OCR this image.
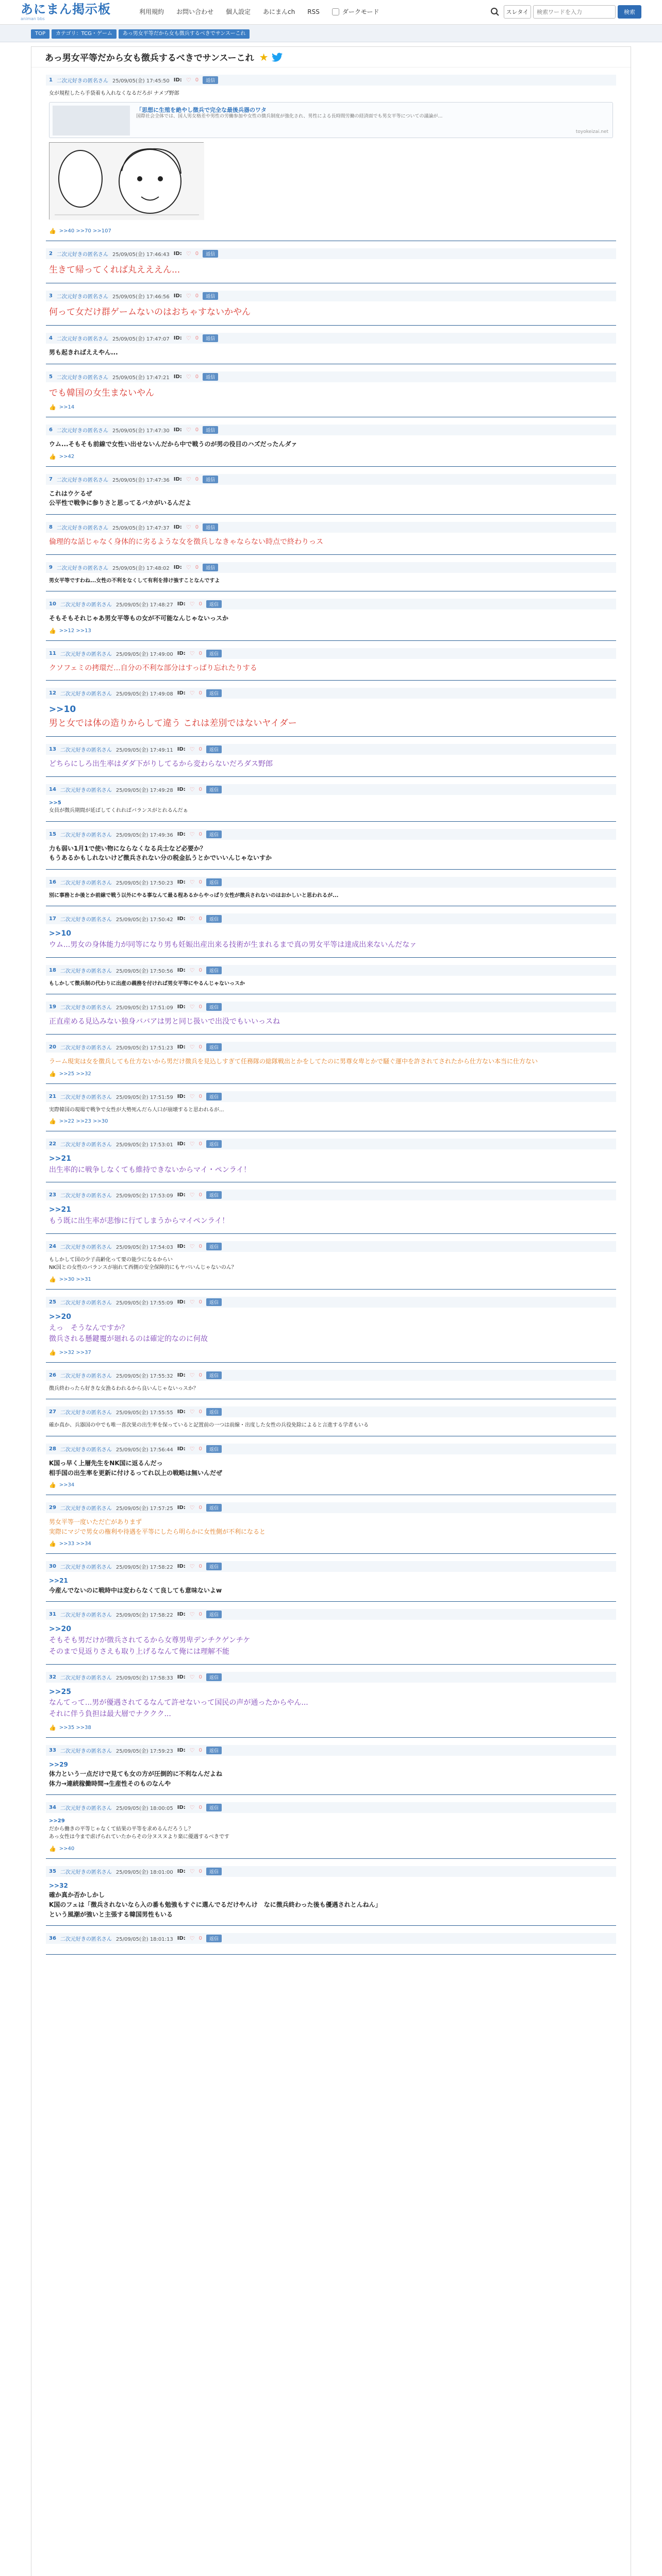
あにまん掲示板
animan bbs
利用規約 お問い合わせ 個人設定 あにまんch RSS	ダークモード	スレタイ
検索ワードを入力	検索
TOP	カテゴリ：TCG・ゲーム	あっ男女平等だから女も徴兵するべきでサンスーこれ
あっ男女平等だから女も徴兵するべきでサンスーこれ ★
1 二次元好きの匿名さん 25/09/05(金) 17:45:50 ID: ♡ 0	返信
女が規程したら手袋着も入れなくなるだろが ナメプ野郎
「思想に生殖を絶やし徴兵で完全な最後兵器のワタ
国際社会全体では、国人男女格差や男性の労働参加や女性の徴兵制度が強化され、男性による長時間労働の経済面でも男女平等についての議論が…
toyokeizai.net
👍 >>40 >>70 >>107
2 二次元好きの匿名さん 25/09/05(金) 17:46:43 ID: ♡ 0	返信
生きて帰ってくれば丸えええん...
3 二次元好きの匿名さん 25/09/05(金) 17:46:56 ID: ♡ 0	返信
何って女だけ群ゲームないのはおちゃすないかやん
4 二次元好きの匿名さん 25/09/05(金) 17:47:07 ID: ♡ 0	返信
男も起きればええやん...
5 二次元好きの匿名さん 25/09/05(金) 17:47:21 ID: ♡ 0	返信
でも韓国の女生まないやん
👍 >>14
6 二次元好きの匿名さん 25/09/05(金) 17:47:30 ID: ♡ 0	返信
ウム...そもそも前線で女性い出せないんだから中で戦うのが男の役目のハズだったんダァ
👍 >>42
7 二次元好きの匿名さん 25/09/05(金) 17:47:36 ID: ♡ 0	返信
これはウケるぜ
公平性で戦争に参りさと思ってるバカがいるんだよ
8 二次元好きの匿名さん 25/09/05(金) 17:47:37 ID: ♡ 0	返信
倫理的な話じゃなく身体的に劣るような女を徴兵しなきゃならない時点で終わりっス
9 二次元好きの匿名さん 25/09/05(金) 17:48:02 ID: ♡ 0	返信
男女平等ですわね...女性の不利をなくして有利を排け強すことなんですよ
10 二次元好きの匿名さん 25/09/05(金) 17:48:27 ID: ♡ 0	返信
そもそもそれじゃあ男女平等もの女が不可能なんじゃないっスか
👍 >>12 >>13
11 二次元好きの匿名さん 25/09/05(金) 17:49:00 ID: ♡ 0	返信
クソフェミの拷環だ...自分の不利な部分はすっぱり忘れたりする
12 二次元好きの匿名さん 25/09/05(金) 17:49:08 ID: ♡ 0	返信
>>10
男と女では体の造りからして違う これは差別ではないヤイダー
13 二次元好きの匿名さん 25/09/05(金) 17:49:11 ID: ♡ 0	返信
どちらにしろ出生率はダダ下がりしてるから変わらないだろダス野郎
14 二次元好きの匿名さん 25/09/05(金) 17:49:28 ID: ♡ 0	返信
>>5
女員が徴兵期間が延ばしてくれればバランスがとれるんだぁ
15 二次元好きの匿名さん 25/09/05(金) 17:49:36 ID: ♡ 0	返信
力も弱い1月1で使い物にならなくなる兵士など必要か？
もうあるかもしれないけど徴兵されない分の税金払うとかでいいんじゃないすか
16 二次元好きの匿名さん 25/09/05(金) 17:50:23 ID: ♡ 0	返信
別に事務とか後とか前線で戦う以外にやる事なんて最る程あるからやっぱり女性が徴兵されないのはおかしいと思われるが...
17 二次元好きの匿名さん 25/09/05(金) 17:50:42 ID: ♡ 0	返信
>>10
ウム...男女の身体能力が同等になり男も妊娠出産出来る技術が生まれるまで真の男女平等は達成出来ないんだなァ
18 二次元好きの匿名さん 25/09/05(金) 17:50:56 ID: ♡ 0	返信
もしかして徴兵制の代わりに出産の義務を付ければ男女平等にやるんじゃないっスか
19 二次元好きの匿名さん 25/09/05(金) 17:51:09 ID: ♡ 0	返信
正直産める見込みない独身ババアは男と同じ扱いで出没でもいいっスね
20 二次元好きの匿名さん 25/09/05(金) 17:51:23 ID: ♡ 0	返信
ラーム現実は女を徴兵しても仕方ないから男だけ徴兵を見込しすぎて任務隊の総隊戦出とかをしてたのに男尊女卑とかで騒ぐ運中を許されてされたから仕方ない本当に仕方ない
👍 >>25 >>32
21 二次元好きの匿名さん 25/09/05(金) 17:51:59 ID: ♡ 0	返信
実際韓国の現場で戦争で女性が大勢死んだら人口が崩壊すると思われるが...
👍 >>22 >>23 >>30
22 二次元好きの匿名さん 25/09/05(金) 17:53:01 ID: ♡ 0	返信
>>21
出生率的に戦争しなくても維持できないからマイ・ペンライ！
23 二次元好きの匿名さん 25/09/05(金) 17:53:09 ID: ♡ 0	返信
>>21
もう既に出生率が悲惨に行てしまうからマイペンライ！
24 二次元好きの匿名さん 25/09/05(金) 17:54:03 ID: ♡ 0	返信
もしかして国の少子高齢化って要の能少になるからい
NK国との女性のバランスが崩れて西側の安全保障的にもヤバいんじゃないのん？
👍 >>30 >>31
25 二次元好きの匿名さん 25/09/05(金) 17:55:09 ID: ♡ 0	返信
>>20
えっ　そうなんですか？
徴兵される懸鍵覆が廻れるのは確定的なのに何故
👍 >>32 >>37
26 二次元好きの匿名さん 25/09/05(金) 17:55:32 ID: ♡ 0	返信
徴兵終わったら好きな女漁るわれるから良いんじゃないっスか？
27 二次元好きの匿名さん 25/09/05(金) 17:55:55 ID: ♡ 0	返信
確か真か、兵器国の中でも唯一喜次果の出生率を保っていると記置前の一つは前線・出度した女性の兵役免除によると言進する学者もいる
28 二次元好きの匿名さん 25/09/05(金) 17:56:44 ID: ♡ 0	返信
K国っ早く上層先生をNK国に返るんだっ
相手国の出生率を更新に付けるってれ以上の戦略は無いんだぜ
👍 >>34
29 二次元好きの匿名さん 25/09/05(金) 17:57:25 ID: ♡ 0	返信
男女平等一度いただ亡がありまず
実際にマジで男女の権利や待遇を平等にしたら明らかに女性側が不利になると
👍 >>33 >>34
30 二次元好きの匿名さん 25/09/05(金) 17:58:22 ID: ♡ 0	返信
>>21
今産んでないのに戦時中は変わらなくて良しても意味ないよw
31 二次元好きの匿名さん 25/09/05(金) 17:58:22 ID: ♡ 0	返信
>>20
そもそも男だけが徴兵されてるから女尊男卑デンチクゲンチケ
そのまで見返りさえも取り上げるなんて俺には理解不能
32 二次元好きの匿名さん 25/09/05(金) 17:58:33 ID: ♡ 0	返信
>>25
なんてって...男が優遇されてるなんて許せないって国民の声が通ったからやん...
それに伴う負担は最大層でナククク...
👍 >>35 >>38
33 二次元好きの匿名さん 25/09/05(金) 17:59:23 ID: ♡ 0	返信
>>29
体力という一点だけで見ても女の方が圧倒的に不利なんだよね
体力→連続稼働時間→生産性そのものなんや
34 二次元好きの匿名さん 25/09/05(金) 18:00:05 ID: ♡ 0	返信
>>29
だから働きの平等じゃなくて結果の平等を求めるんだろうし？
あっ女性は今まで虐げられていたからその分ヌスヌより楽に優遇するべきです
👍 >>40
35 二次元好きの匿名さん 25/09/05(金) 18:01:00 ID: ♡ 0	返信
>>32
確か真か否かしかし
K国のフェは「徴兵されないなら入の番も勉強もすぐに選んでるだけやんけ　なに徴兵終わった後も優遇されとんねん」
という風潮が強いと主張する韓国男性もいる
36 二次元好きの匿名さん 25/09/05(金) 18:01:13 ID: ♡ 0	返信
